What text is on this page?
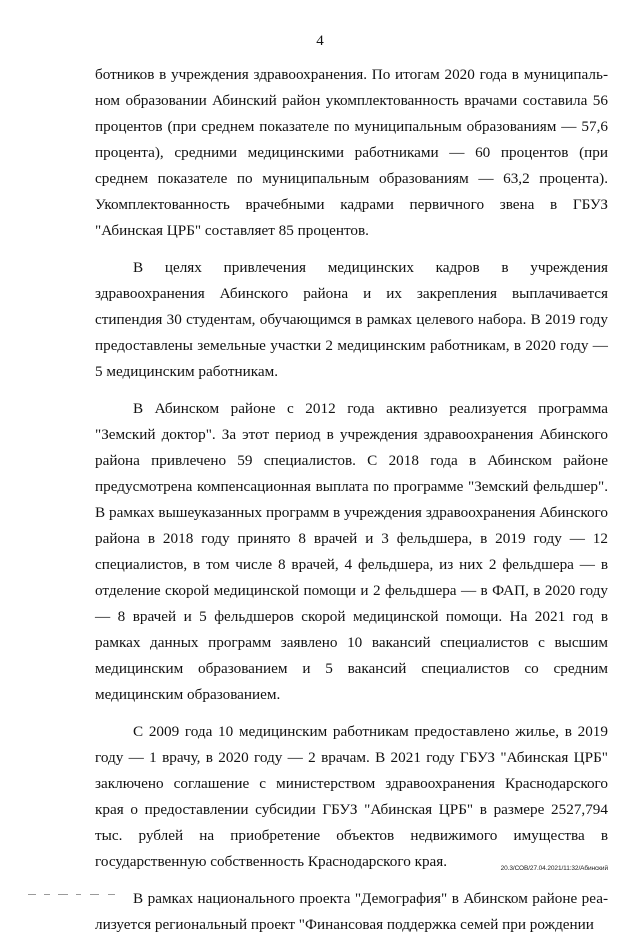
4

ботников в учреждения здравоохранения. По итогам 2020 года в муниципальном образовании Абинский район укомплектованность врачами составила 56 процентов (при среднем показателе по муниципальным образованиям — 57,6 процента), средними медицинскими работниками — 60 процентов (при среднем показателе по муниципальным образованиям — 63,2 процента). Укомплектованность врачебными кадрами первичного звена в ГБУЗ "Абинская ЦРБ" составляет 85 процентов.

В целях привлечения медицинских кадров в учреждения здравоохранения Абинского района и их закрепления выплачивается стипендия 30 студентам, обучающимся в рамках целевого набора. В 2019 году предоставлены земельные участки 2 медицинским работникам, в 2020 году — 5 медицинским работникам.

В Абинском районе с 2012 года активно реализуется программа "Земский доктор". За этот период в учреждения здравоохранения Абинского района привлечено 59 специалистов. С 2018 года в Абинском районе предусмотрена компенсационная выплата по программе "Земский фельдшер". В рамках вышеуказанных программ в учреждения здравоохранения Абинского района в 2018 году принято 8 врачей и 3 фельдшера, в 2019 году — 12 специалистов, в том числе 8 врачей, 4 фельдшера, из них 2 фельдшера — в отделение скорой медицинской помощи и 2 фельдшера — в ФАП, в 2020 году — 8 врачей и 5 фельдшеров скорой медицинской помощи. На 2021 год в рамках данных программ заявлено 10 вакансий специалистов с высшим медицинским образованием и 5 вакансий специалистов со средним медицинским образованием.

С 2009 года 10 медицинским работникам предоставлено жилье, в 2019 году — 1 врачу, в 2020 году — 2 врачам. В 2021 году ГБУЗ "Абинская ЦРБ" заключено соглашение с министерством здравоохранения Краснодарского края о предоставлении субсидии ГБУЗ "Абинская ЦРБ" в размере 2527,794 тыс. рублей на приобретение объектов недвижимого имущества в государственную собственность Краснодарского края.

В рамках национального проекта "Демография" в Абинском районе реализуется региональный проект "Финансовая поддержка семей при рождении

20.3/СОВ/27.04.2021/11:32/Абинский
